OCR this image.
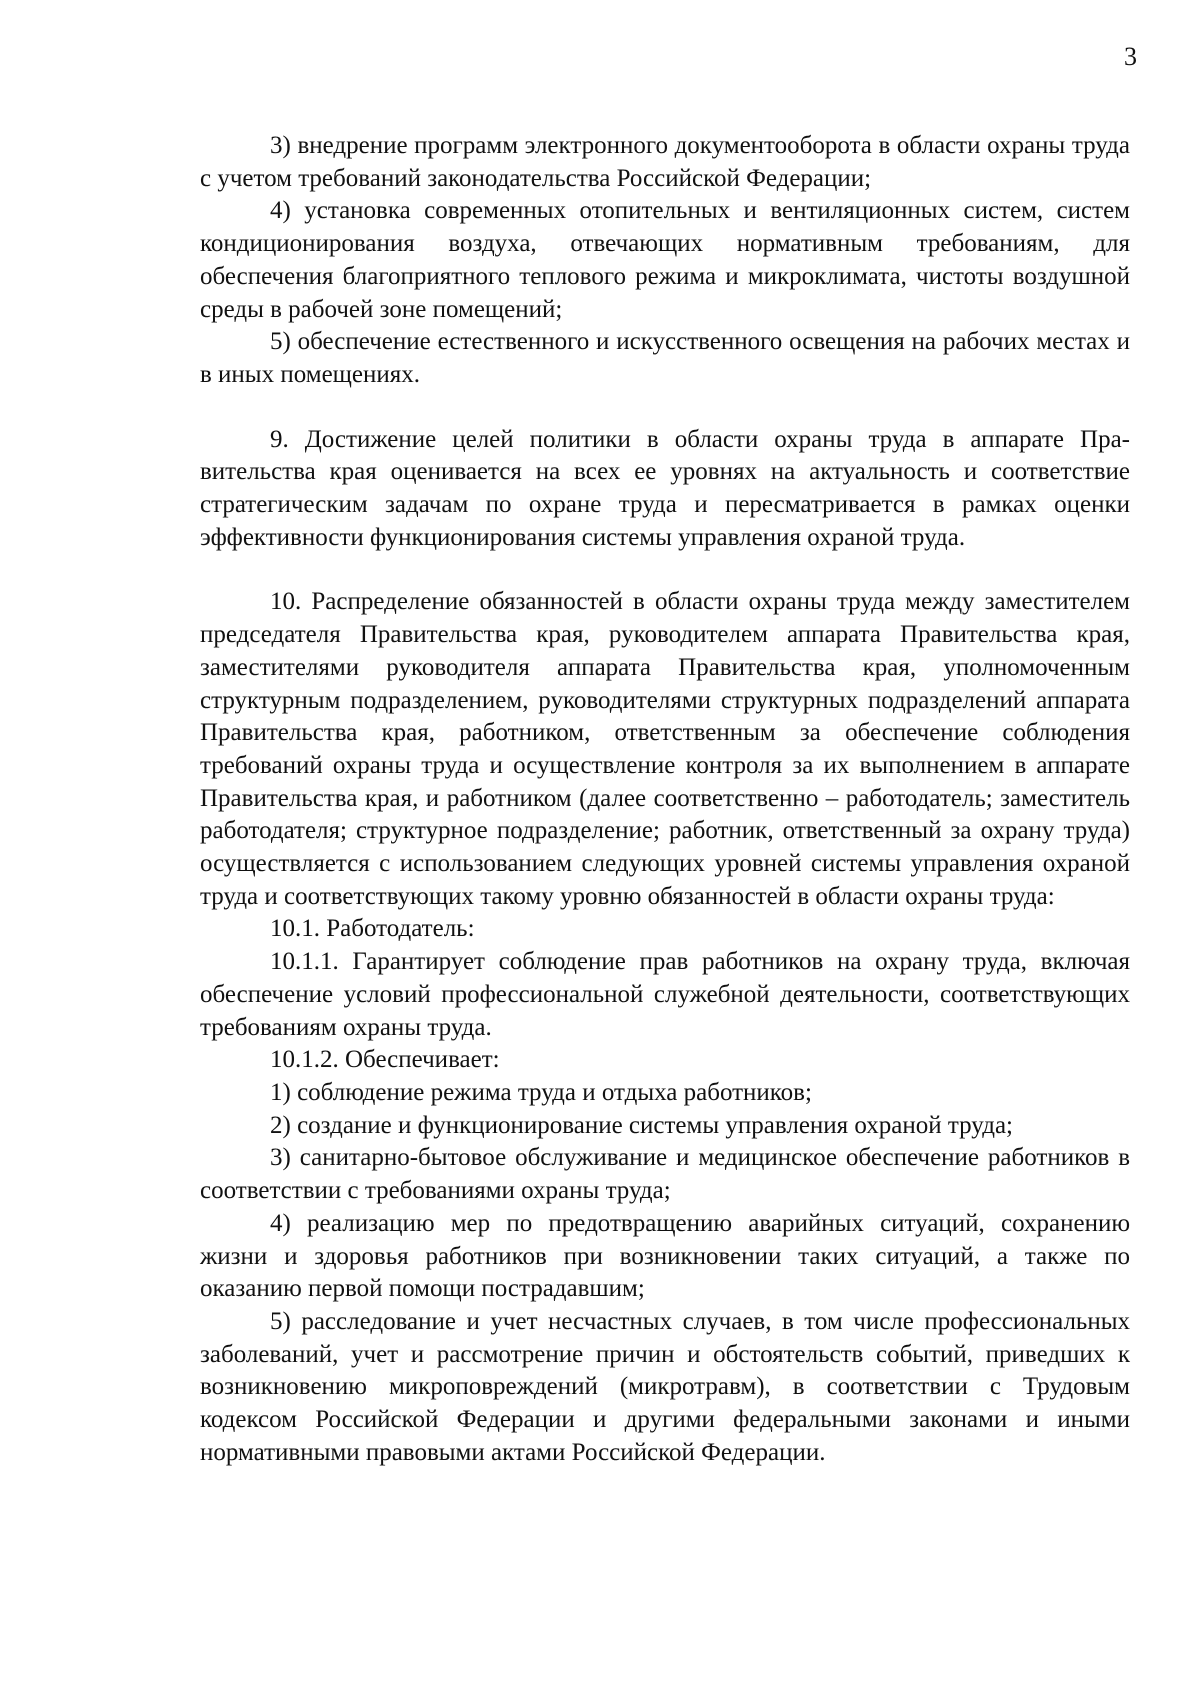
3

3) внедрение программ электронного документооборота в области охраны труда с учетом требований законодательства Российской Федерации;

4) установка современных отопительных и вентиляционных систем, систем кондиционирования воздуха, отвечающих нормативным требованиям, для обеспечения благоприятного теплового режима и микроклимата, чистоты воздушной среды в рабочей зоне помещений;

5) обеспечение естественного и искусственного освещения на рабочих местах и в иных помещениях.

9. Достижение целей политики в области охраны труда в аппарате Правительства края оценивается на всех ее уровнях на актуальность и соответствие стратегическим задачам по охране труда и пересматривается в рамках оценки эффективности функционирования системы управления охраной труда.

10. Распределение обязанностей в области охраны труда между заместителем председателя Правительства края, руководителем аппарата Правительства края, заместителями руководителя аппарата Правительства края, уполномоченным структурным подразделением, руководителями структурных подразделений аппарата Правительства края, работником, ответственным за обеспечение соблюдения требований охраны труда и осуществление контроля за их выполнением в аппарате Правительства края, и работником (далее соответственно – работодатель; заместитель работодателя; структурное подразделение; работник, ответственный за охрану труда) осуществляется с использованием следующих уровней системы управления охраной труда и соответствующих такому уровню обязанностей в области охраны труда:

10.1. Работодатель:

10.1.1. Гарантирует соблюдение прав работников на охрану труда, включая обеспечение условий профессиональной служебной деятельности, соответствующих требованиям охраны труда.

10.1.2. Обеспечивает:

1) соблюдение режима труда и отдыха работников;

2) создание и функционирование системы управления охраной труда;

3) санитарно-бытовое обслуживание и медицинское обеспечение работников в соответствии с требованиями охраны труда;

4) реализацию мер по предотвращению аварийных ситуаций, сохранению жизни и здоровья работников при возникновении таких ситуаций, а также по оказанию первой помощи пострадавшим;

5) расследование и учет несчастных случаев, в том числе профессиональных заболеваний, учет и рассмотрение причин и обстоятельств событий, приведших к возникновению микроповреждений (микротравм), в соответствии с Трудовым кодексом Российской Федерации и другими федеральными законами и иными нормативными правовыми актами Российской Федерации.
